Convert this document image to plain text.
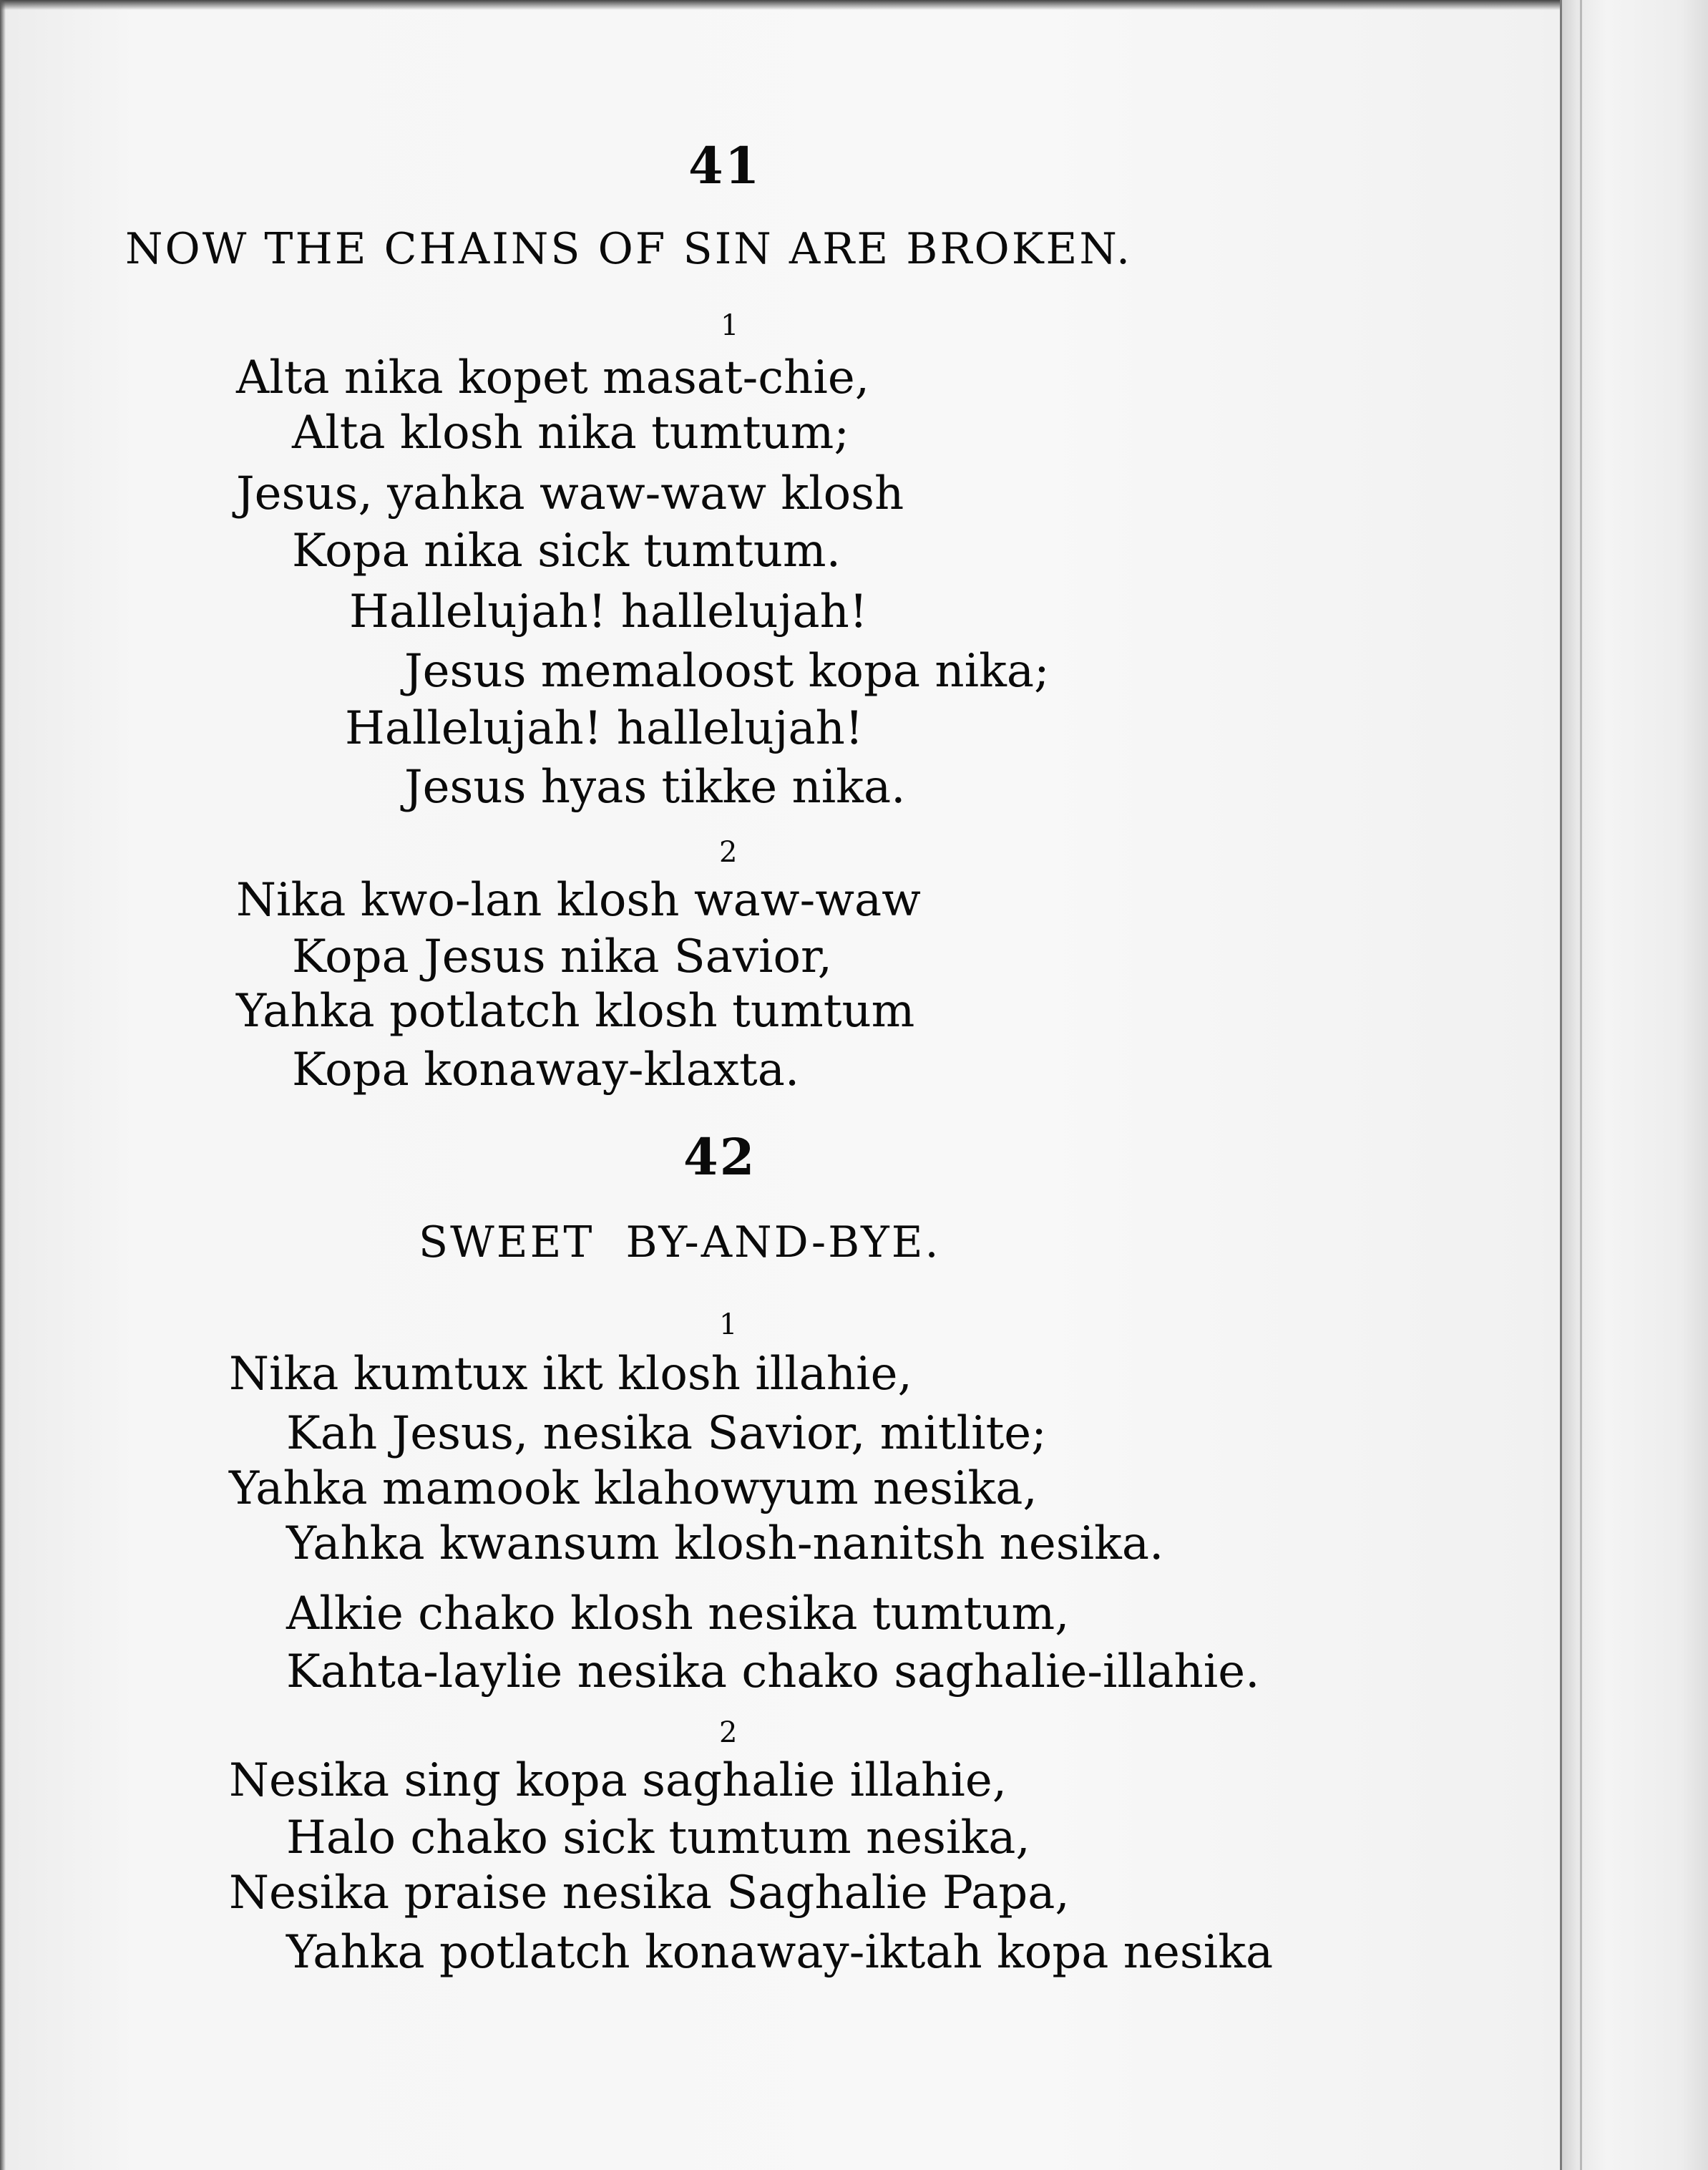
41
NOW THE CHAINS OF SIN ARE BROKEN.
1
Alta nika kopet masat-chie,
Alta klosh nika tumtum;
Jesus, yahka waw-waw klosh
Kopa nika sick tumtum.
Hallelujah! hallelujah!
Jesus memaloost kopa nika;
Hallelujah! hallelujah!
Jesus hyas tikke nika.
2
Nika kwo-lan klosh waw-waw
Kopa Jesus nika Savior,
Yahka potlatch klosh tumtum
Kopa konaway-klaxta.
42
SWEET BY-AND-BYE.
1
Nika kumtux ikt klosh illahie,
Kah Jesus, nesika Savior, mitlite;
Yahka mamook klahowyum nesika,
Yahka kwansum klosh-nanitsh nesika.
Alkie chako klosh nesika tumtum,
Kahta-laylie nesika chako saghalie-illahie.
2
Nesika sing kopa saghalie illahie,
Halo chako sick tumtum nesika,
Nesika praise nesika Saghalie Papa,
Yahka potlatch konaway-iktah kopa nesika
